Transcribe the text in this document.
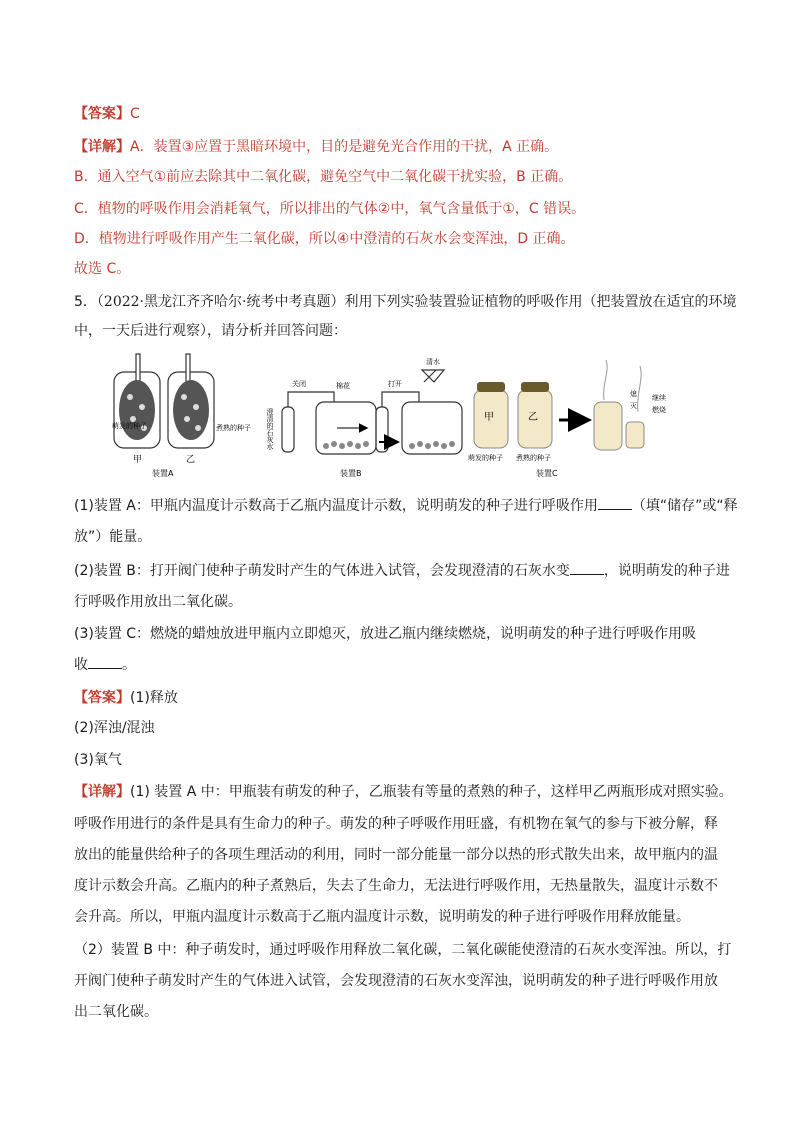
【答案】C
【详解】A．装置③应置于黑暗环境中，目的是避免光合作用的干扰，A 正确。
B．通入空气①前应去除其中二氧化碳，避免空气中二氧化碳干扰实验，B 正确。
C．植物的呼吸作用会消耗氧气，所以排出的气体②中，氧气含量低于①，C 错误。
D．植物进行呼吸作用产生二氧化碳，所以④中澄清的石灰水会变浑浊，D 正确。
故选 C。
5．（2022·黑龙江齐齐哈尔·统考中考真题）利用下列实验装置验证植物的呼吸作用（把装置放在适宜的环境
中，一天后进行观察），请分析并回答问题：
萌发的种子	煮熟的种子
甲	乙
装置A
关闭	棉花	打开
清水
澄清的石灰水
装置B
甲	乙
萌发的种子 煮熟的种子
熄
灭
继续
燃烧
装置C
(1)装置 A：甲瓶内温度计示数高于乙瓶内温度计示数，说明萌发的种子进行呼吸作用 （填“储存”或“释
放”）能量。
(2)装置 B：打开阀门使种子萌发时产生的气体进入试管，会发现澄清的石灰水变 ，说明萌发的种子进
行呼吸作用放出二氧化碳。
(3)装置 C：燃烧的蜡烛放进甲瓶内立即熄灭，放进乙瓶内继续燃烧，说明萌发的种子进行呼吸作用吸
收 。
【答案】(1)释放
(2)浑浊/混浊
(3)氧气
【详解】(1) 装置 A 中：甲瓶装有萌发的种子，乙瓶装有等量的煮熟的种子，这样甲乙两瓶形成对照实验。
呼吸作用进行的条件是具有生命力的种子。萌发的种子呼吸作用旺盛，有机物在氧气的参与下被分解，释
放出的能量供给种子的各项生理活动的利用，同时一部分能量一部分以热的形式散失出来，故甲瓶内的温
度计示数会升高。乙瓶内的种子煮熟后，失去了生命力，无法进行呼吸作用，无热量散失，温度计示数不
会升高。所以，甲瓶内温度计示数高于乙瓶内温度计示数，说明萌发的种子进行呼吸作用释放能量。
（2）装置 B 中：种子萌发时，通过呼吸作用释放二氧化碳，二氧化碳能使澄清的石灰水变浑浊。所以，打
开阀门使种子萌发时产生的气体进入试管，会发现澄清的石灰水变浑浊，说明萌发的种子进行呼吸作用放
出二氧化碳。
